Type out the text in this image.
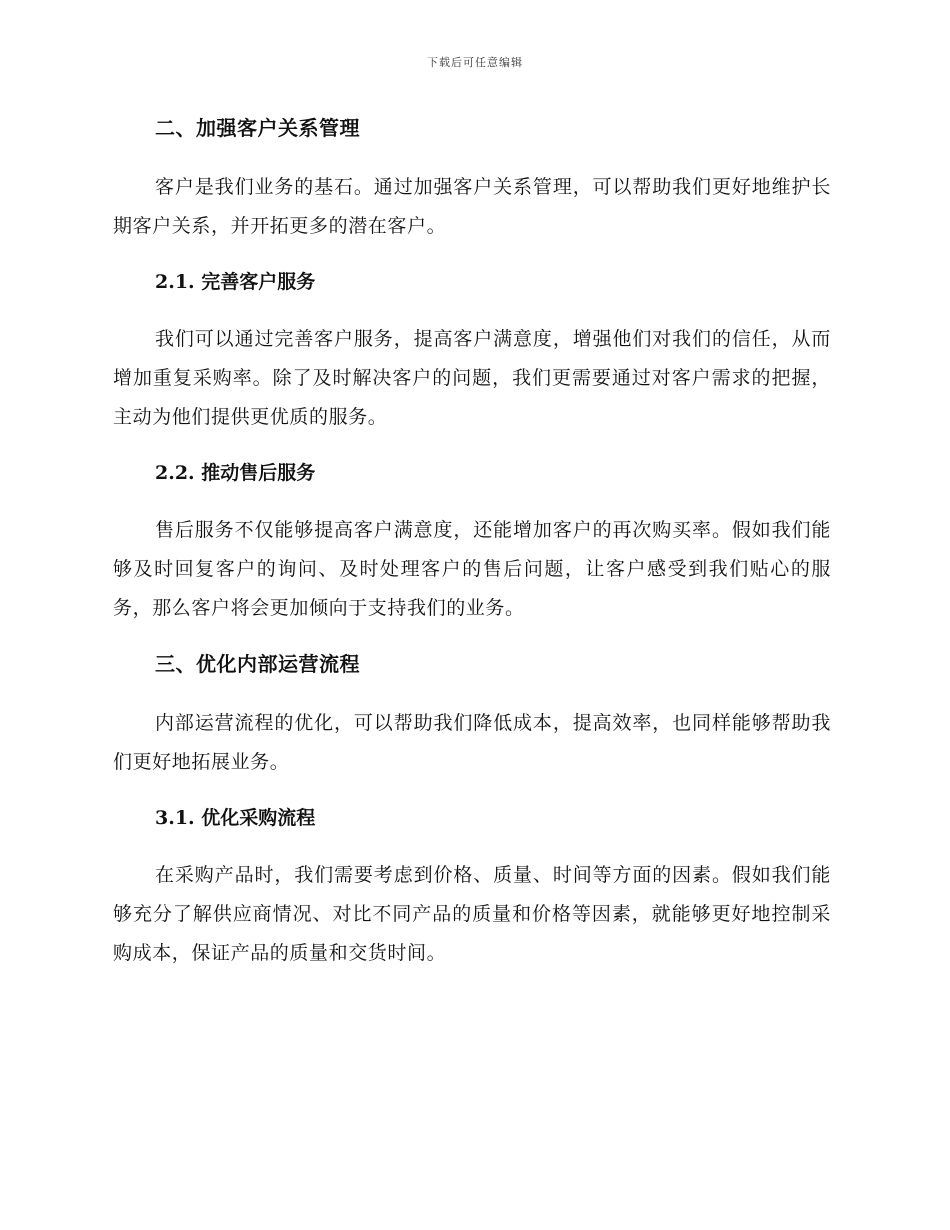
下载后可任意编辑
二、加强客户关系管理

客户是我们业务的基石。通过加强客户关系管理，可以帮助我们更好地维护长期客户关系，并开拓更多的潜在客户。

2.1. 完善客户服务

我们可以通过完善客户服务，提高客户满意度，增强他们对我们的信任，从而增加重复采购率。除了及时解决客户的问题，我们更需要通过对客户需求的把握，主动为他们提供更优质的服务。

2.2. 推动售后服务

售后服务不仅能够提高客户满意度，还能增加客户的再次购买率。假如我们能够及时回复客户的询问、及时处理客户的售后问题，让客户感受到我们贴心的服务，那么客户将会更加倾向于支持我们的业务。

三、优化内部运营流程

内部运营流程的优化，可以帮助我们降低成本，提高效率，也同样能够帮助我们更好地拓展业务。

3.1. 优化采购流程

在采购产品时，我们需要考虑到价格、质量、时间等方面的因素。假如我们能够充分了解供应商情况、对比不同产品的质量和价格等因素，就能够更好地控制采购成本，保证产品的质量和交货时间。
